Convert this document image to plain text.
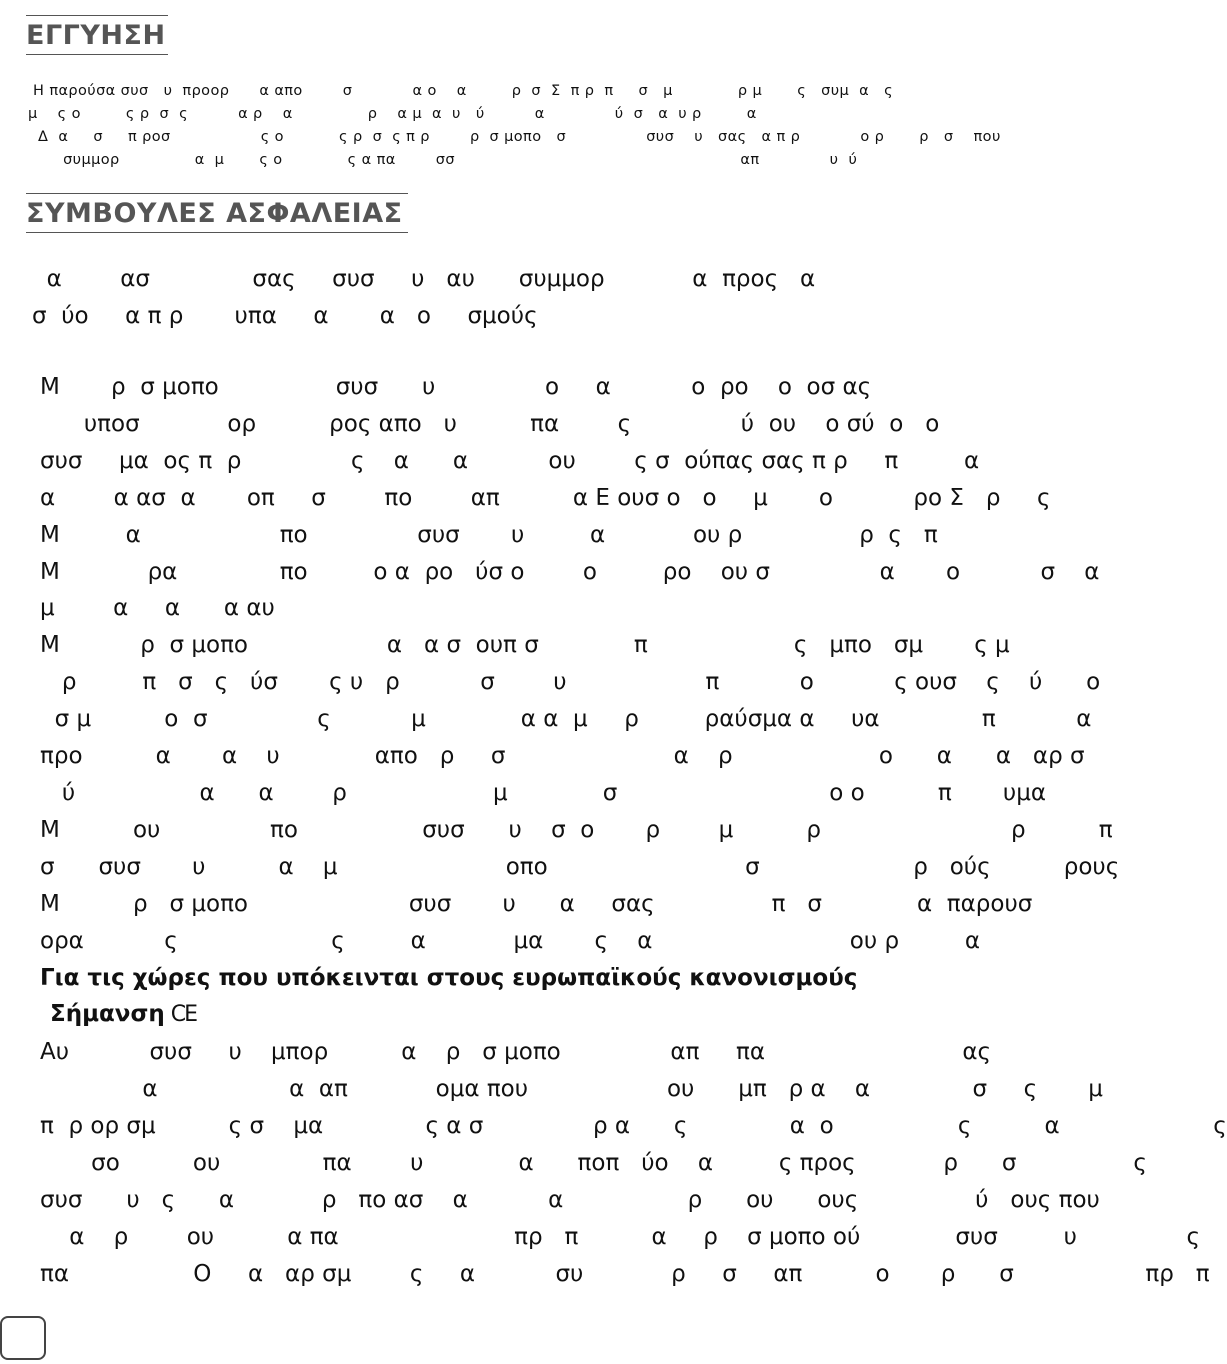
ΕΓΓΥΗΣΗ
Η παρούσα συσ   υ  προορ      α απο        σ            α ο    α         ρ  σ  Σ  π ρ  π     σ   μ             ρ μ       ς   συμ  α   ς
μ    ς ο         ς ρ  σ  ς          α ρ    α               ρ    α μ  α  υ   ύ          α              ύ  σ   α  υ ρ         α
Δ  α     σ     π ροσ                  ς ο           ς ρ  σ  ς π ρ        ρ  σ μοπο   σ                συσ    υ   σας   α π ρ            ο ρ       ρ   σ    που
συμμορ               α  μ       ς ο             ς α πα        σσ                                                         απ              υ  ύ
ΣΥΜΒΟΥΛΕΣ ΑΣΦΑΛΕΙΑΣ
α        ασ              σας     συσ     υ   αυ      συμμορ            α  προς   α
σ  ύο     α π ρ       υπα     α       α   ο     σμούς
Μ       ρ  σ μοπο                συσ      υ               ο     α           ο  ρο    ο  οσ ας
υποσ            ορ          ρος απο   υ          πα        ς               ύ  ου    ο σύ  ο   ο
συσ     μα  ος π  ρ               ς    α      α           ου        ς σ  ούπας σας π ρ     π         α
α        α ασ  α       οπ     σ        πο        απ          α Ε ουσ ο   ο     μ       ο           ρο Σ   ρ     ς
Μ         α                   πο               συσ       υ         α            ου ρ                ρ  ς   π
Μ            ρα              πο         ο α  ρο   ύσ ο        ο         ρο    ου σ               α       ο           σ    α
μ        α     α      α αυ
Μ           ρ  σ μοπο                   α   α σ  ουπ σ             π                    ς   μπο   σμ       ς μ
ρ         π   σ   ς   ύσ       ς υ   ρ           σ        υ                   π           ο           ς ουσ    ς    ύ      ο
σ μ          ο  σ               ς           μ             α α  μ     ρ         ραύσμα α     υα              π           α
προ          α       α    υ             απο   ρ     σ                       α    ρ                    ο      α      α   αρ σ
ύ                 α      α        ρ                    μ             σ                             ο ο          π       υμα
Μ          ου               πο                 συσ      υ    σ  ο       ρ        μ          ρ                          ρ          π
σ      συσ       υ          α    μ                       οπο                           σ                     ρ   ούς          ρους
Μ          ρ   σ μοπο                      συσ       υ      α     σας                π   σ             α  παρουσ
ορα           ς                     ς         α            μα       ς    α                           ου ρ         α
Για τις χώρες που υπόκεινται στους ευρωπαϊκούς κανονισμούς
Σήμανση CE
Αυ           συσ     υ    μπορ          α    ρ   σ μοπο               απ     πα                           ας
α                  α  απ            ομα που                   ου      μπ   ρ α    α              σ     ς       μ
π  ρ ορ σμ          ς σ    μα              ς α σ               ρ α      ς              α  ο                 ς          α                     ς
σο          ου              πα        υ             α      ποπ   ύο    α         ς προς            ρ      σ                ς
συσ      υ   ς      α            ρ   πο ασ    α           α                 ρ      ου      ους                ύ   ους που
α    ρ        ου          α πα                        πρ   π          α     ρ    σ μοπο ού             συσ         υ               ς
πα                 Ο     α   αρ σμ        ς     α           συ            ρ     σ     απ          ο       ρ      σ                  πρ   π
